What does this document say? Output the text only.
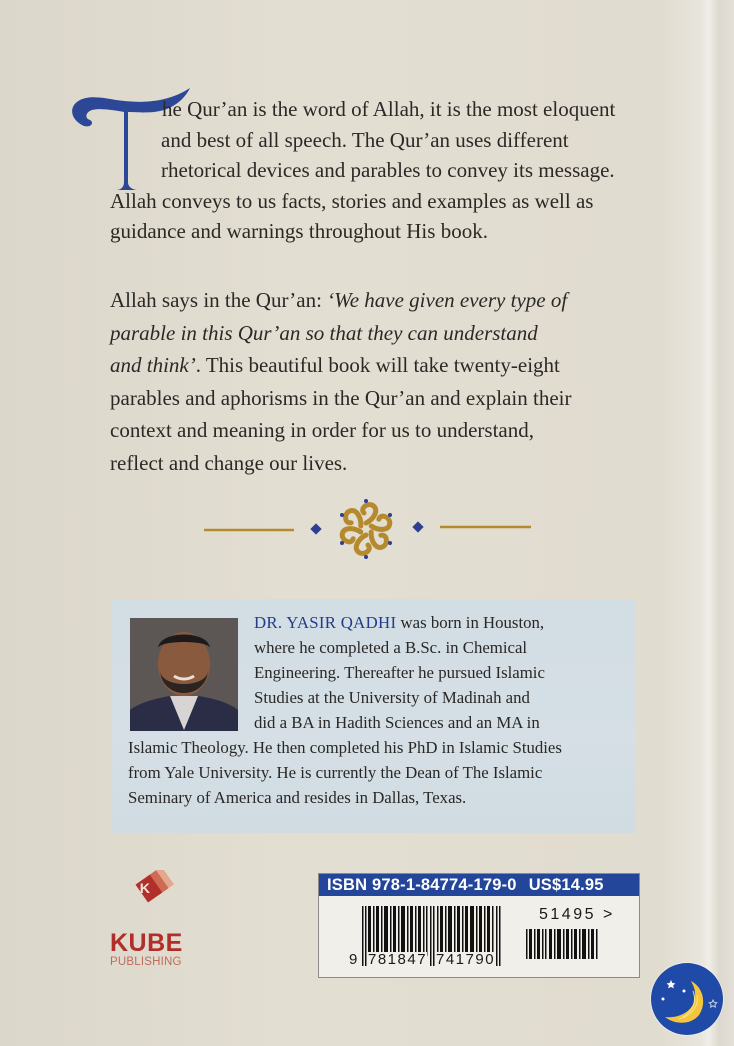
he Qur’an is the word of Allah, it is the most eloquent
and best of all speech. The Qur’an uses different
rhetorical devices and parables to convey its message.
Allah conveys to us facts, stories and examples as well as
guidance and warnings throughout His book.
Allah says in the Qur’an: ‘We have given every type of
parable in this Qur’an so that they can understand
and think’. This beautiful book will take twenty-eight
parables and aphorisms in the Qur’an and explain their
context and meaning in order for us to understand,
reflect and change our lives.
DR. YASIR QADHI was born in Houston,
where he completed a B.Sc. in Chemical
Engineering. Thereafter he pursued Islamic
Studies at the University of Madinah and
did a BA in Hadith Sciences and an MA in
Islamic Theology. He then completed his PhD in Islamic Studies
from Yale University. He is currently the Dean of The Islamic
Seminary of America and resides in Dallas, Texas.
K
KUBE
PUBLISHING
ISBN 978-1-84774-179-0 US$14.95
9 781847 741790
51495 >
